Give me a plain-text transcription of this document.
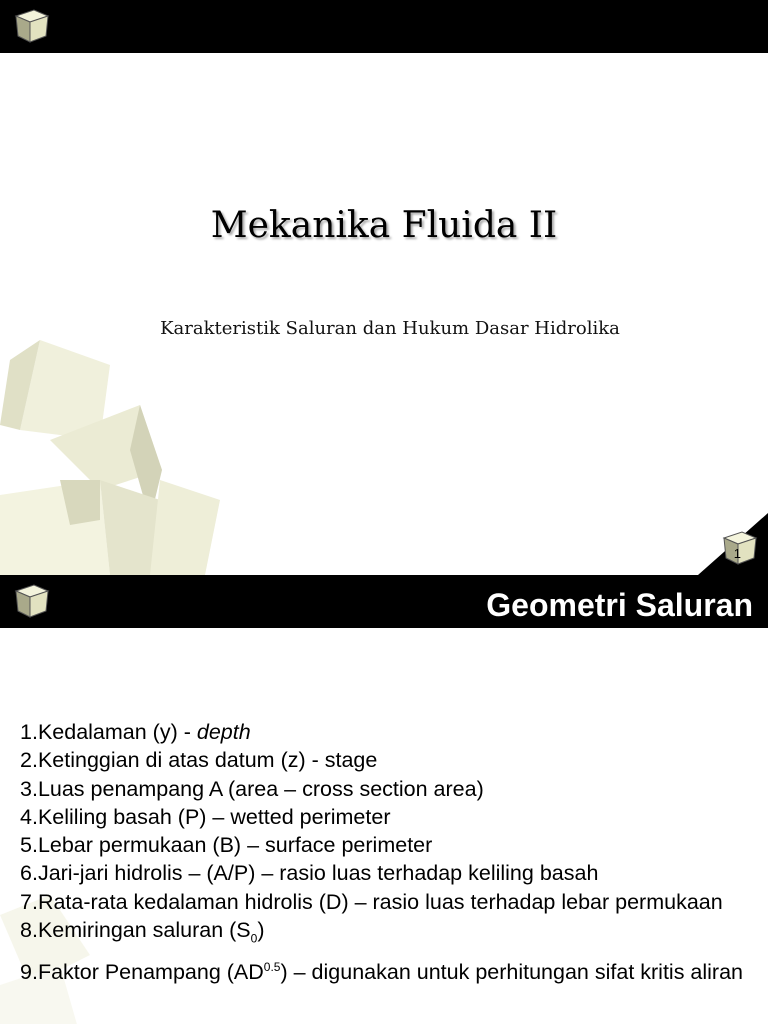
Mekanika Fluida II
Karakteristik Saluran dan Hukum Dasar Hidrolika
1
Geometri Saluran
1.Kedalaman (y) - depth
2.Ketinggian di atas datum (z) - stage
3.Luas penampang A (area – cross section area)
4.Keliling basah (P) – wetted perimeter
5.Lebar permukaan (B) – surface perimeter
6.Jari-jari hidrolis – (A/P) – rasio luas terhadap keliling basah
7.Rata-rata kedalaman hidrolis (D) – rasio luas terhadap lebar permukaan
8.Kemiringan saluran $(S_0)$
9.Faktor Penampang $(AD^{0.5})$ – digunakan untuk perhitungan sifat kritis aliran
